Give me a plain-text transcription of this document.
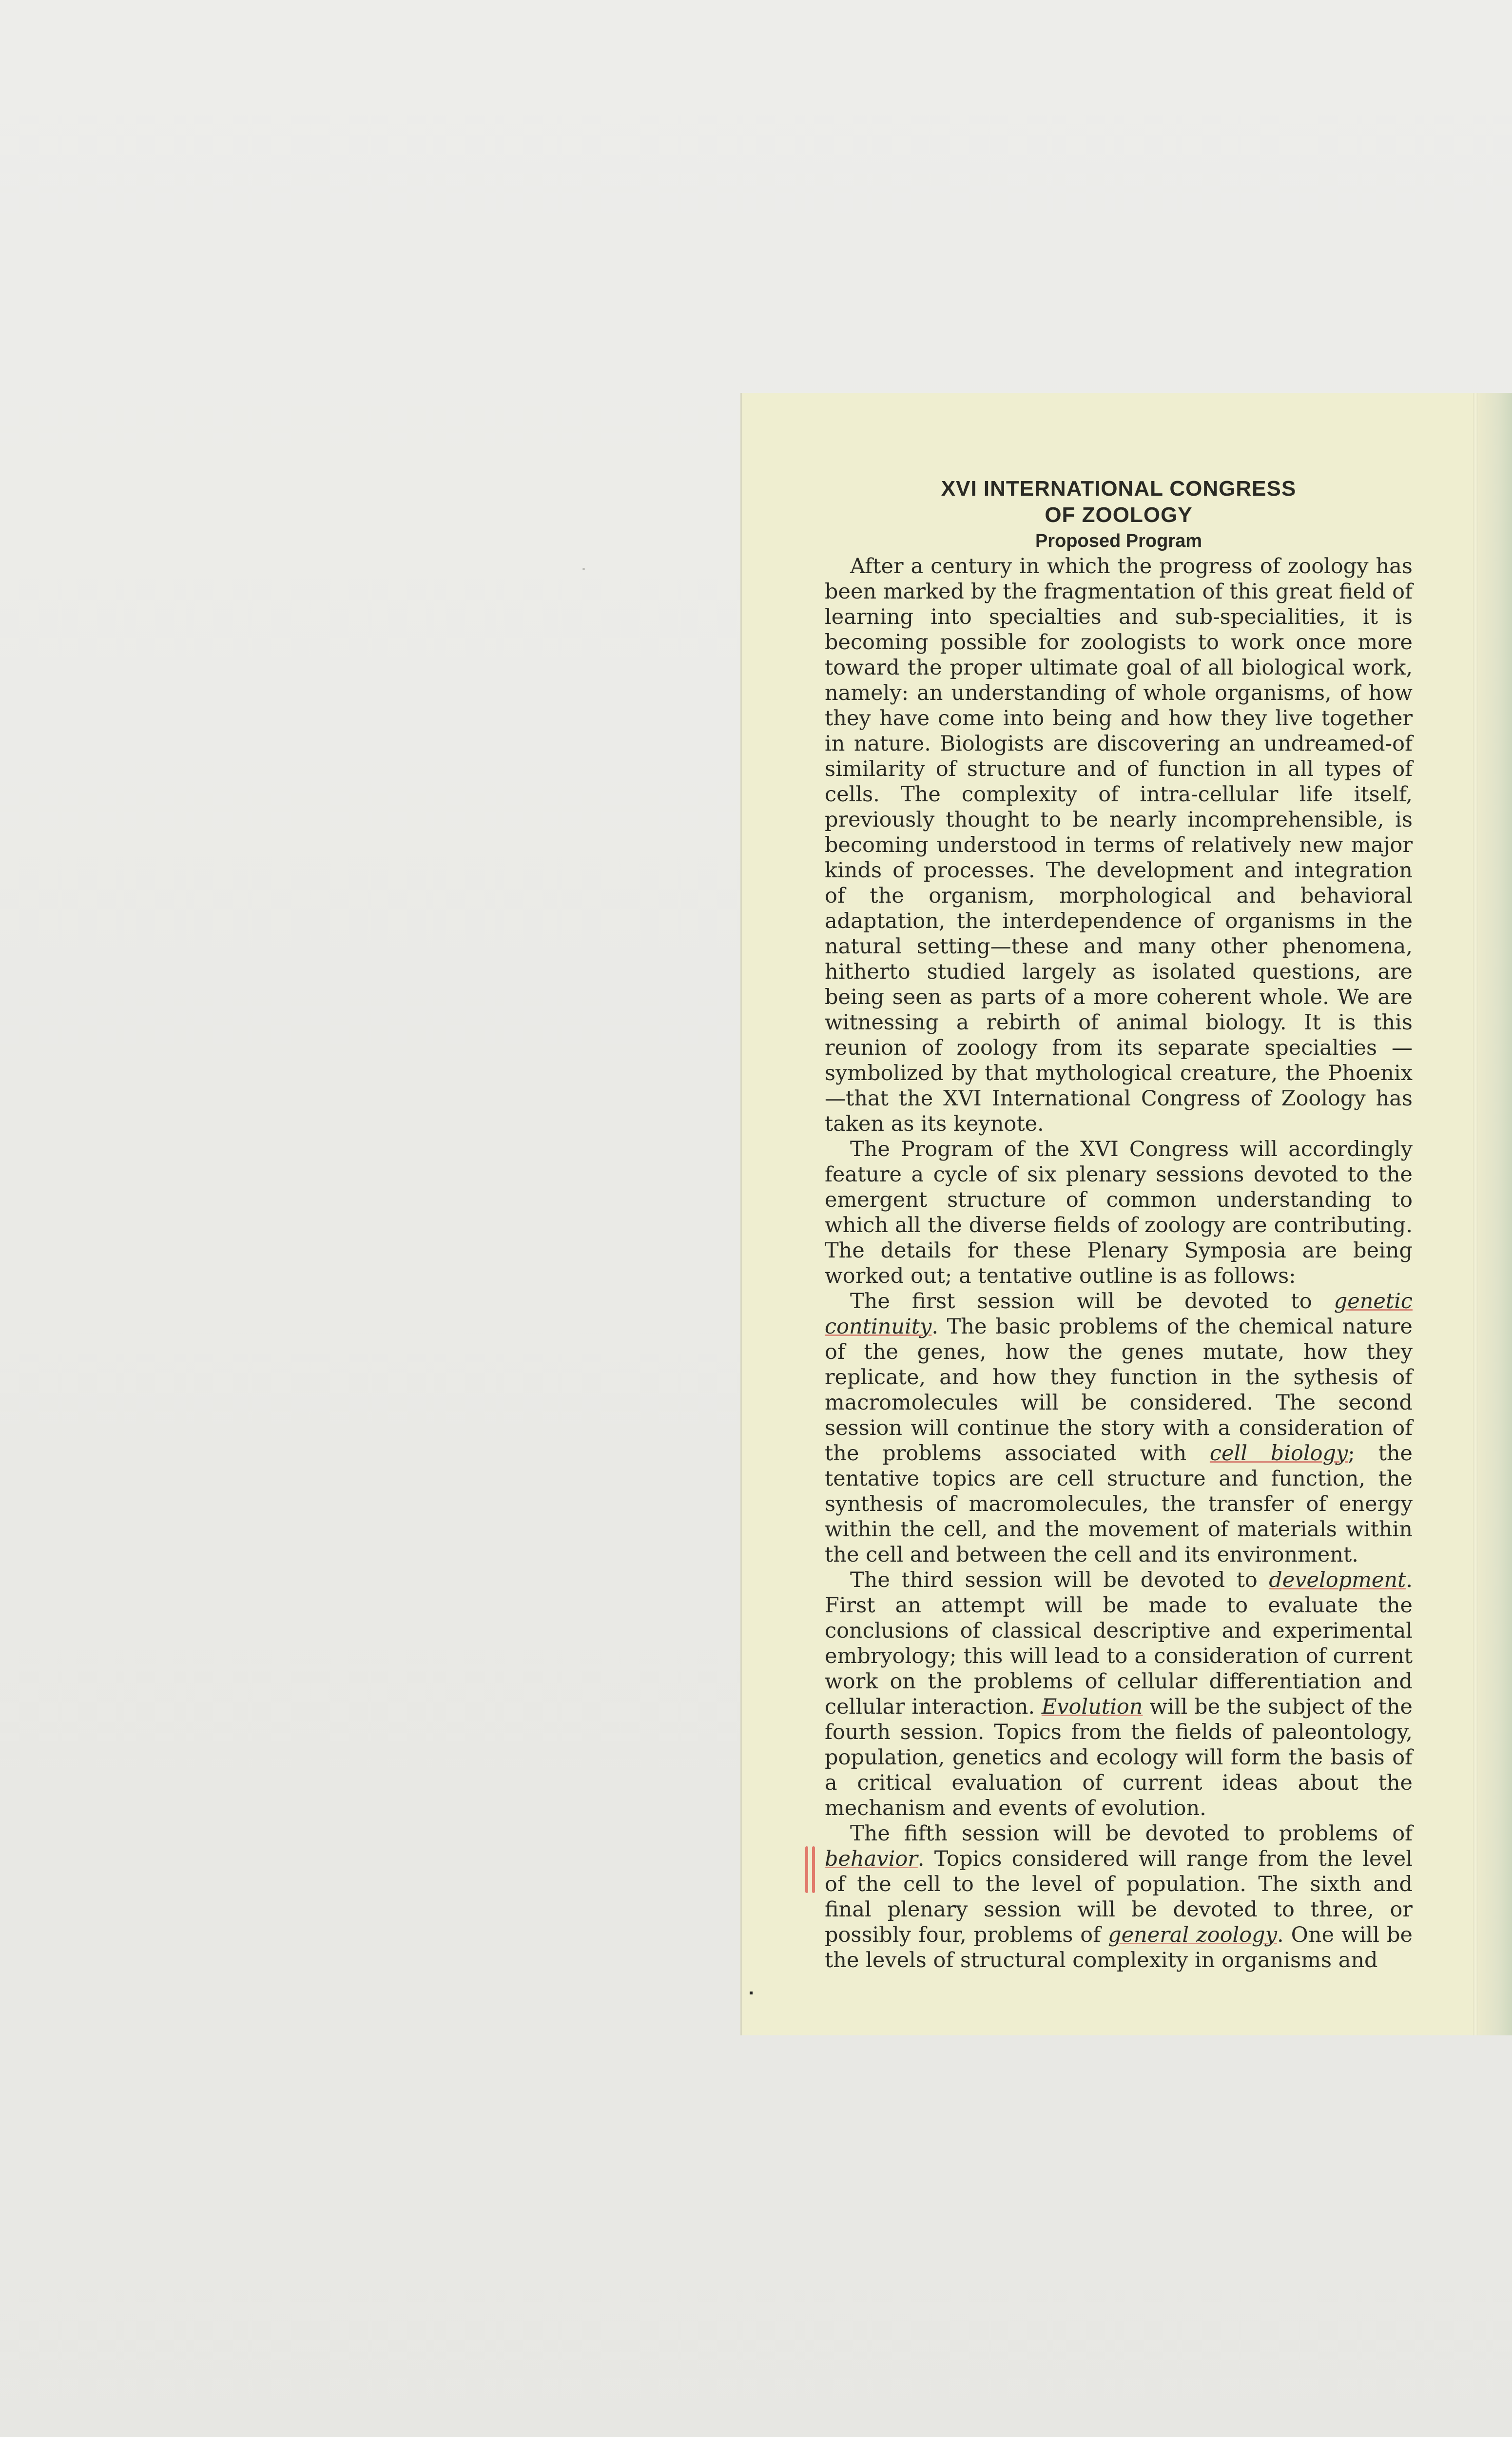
XVI INTERNATIONAL CONGRESS
OF ZOOLOGY
Proposed Program

After a century in which the progress of zoology has been marked by the fragmentation of this great field of learning into specialties and sub-specialities, it is becoming possible for zoologists to work once more toward the proper ultimate goal of all biological work, namely: an understanding of whole organisms, of how they have come into being and how they live together in nature. Biologists are discovering an undreamed-of similarity of structure and of function in all types of cells. The complexity of intra-cellular life itself, previously thought to be nearly incomprehensible, is becoming understood in terms of relatively new major kinds of processes. The development and integration of the organism, morphological and behavioral adaptation, the interdependence of organisms in the natural setting—these and many other phenomena, hitherto studied largely as isolated questions, are being seen as parts of a more coherent whole. We are witnessing a rebirth of animal biology. It is this reunion of zoology from its separate specialties — symbolized by that mythological creature, the Phoenix—that the XVI International Congress of Zoology has taken as its keynote.

The Program of the XVI Congress will accordingly feature a cycle of six plenary sessions devoted to the emergent structure of common understanding to which all the diverse fields of zoology are contributing. The details for these Plenary Symposia are being worked out; a tentative outline is as follows:

The first session will be devoted to genetic continuity. The basic problems of the chemical nature of the genes, how the genes mutate, how they replicate, and how they function in the sythesis of macromolecules will be considered. The second session will continue the story with a consideration of the problems associated with cell biology; the tentative topics are cell structure and function, the synthesis of macromolecules, the transfer of energy within the cell, and the movement of materials within the cell and between the cell and its environment.

The third session will be devoted to development. First an attempt will be made to evaluate the conclusions of classical descriptive and experimental embryology; this will lead to a consideration of current work on the problems of cellular differentiation and cellular interaction. Evolution will be the subject of the fourth session. Topics from the fields of paleontology, population, genetics and ecology will form the basis of a critical evaluation of current ideas about the mechanism and events of evolution.

The fifth session will be devoted to problems of behavior. Topics considered will range from the level of the cell to the level of population. The sixth and final plenary session will be devoted to three, or possibly four, problems of general zoology. One will be the levels of structural complexity in organisms and
